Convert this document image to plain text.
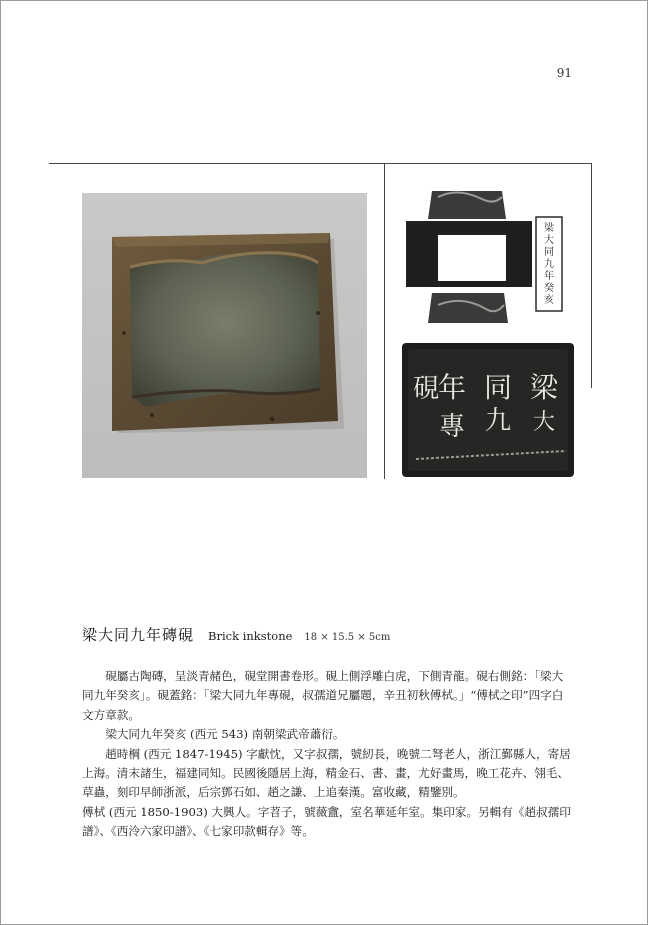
91
梁大同九年癸亥
梁
大
同
九
年
硯
專
梁大同九年磚硯 Brick inkstone 18 × 15.5 × 5cm

硯屬古陶磚，呈淡青赭色，硯堂開書卷形。硯上側浮雕白虎，下側青龍。硯右側銘：「梁大同九年癸亥」。硯蓋銘：「梁大同九年專硯，叔孺道兄屬題，辛丑初秋傅栻。」“傅栻之印”四字白文方章款。

梁大同九年癸亥 (西元 543) 南朝梁武帝蕭衍。

趙時棡 (西元 1847-1945) 字獻忱，又字叔孺，號紉長，晚號二弩老人，浙江鄞縣人，寄居上海。清末諸生，福建同知。民國後隱居上海，精金石、書、畫，尤好畫馬，晚工花卉、翎毛、草蟲，刻印早師浙派，后宗鄧石如、趙之謙、上追秦漢。富收藏，精鑒別。

傅栻 (西元 1850-1903) 大興人。字苕子，號薇盦，室名華延年室。集印家。另輯有《趙叔孺印譜》、《西泠六家印譜》、《七家印款輯存》等。
